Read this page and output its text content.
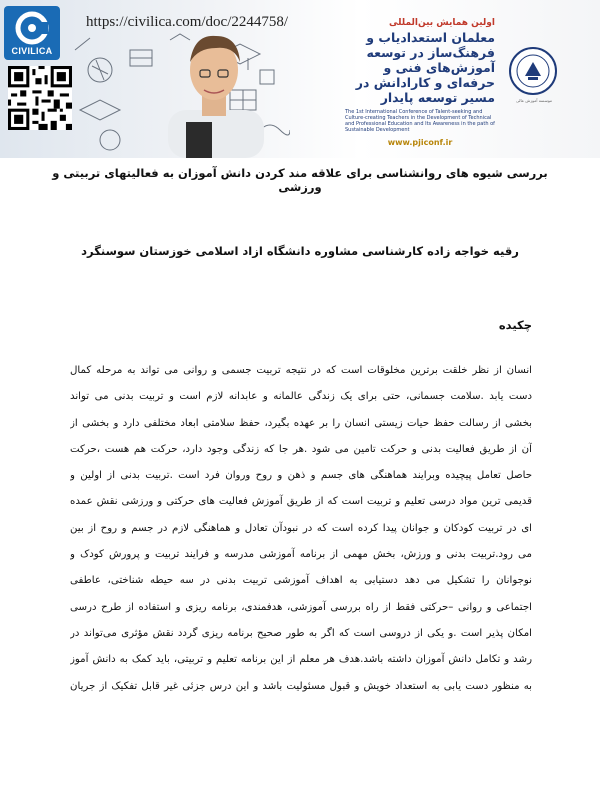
CIVILICA
https://civilica.com/doc/2244758/	اولین همایش بین‌المللی
معلمان استعداد‌یاب و فرهنگ‌ساز در توسعه آموزش‌های فنی و حرفه‌ای و کارادانش در مسیر توسعه پایدار
The 1st International Conference of Talent-seeking and Culture-creating Teachers in the Development of Technical and Professional Education and Its Awareness in the path of Sustainable Development
www.pjiconf.ir
موسسه آموزش عالی
بررسی شیوه های روانشناسی برای علاقه مند کردن دانش آموزان به فعالیتهای تربیتی و ورزشی
رقیه خواجه زاده کارشناسی مشاوره دانشگاه ازاد اسلامی خوزستان سوسنگرد
چکیده
انسان از نظر خلقت برترین مخلوقات است که در نتیجه تربیت جسمی و روانی می تواند به مرحله کمال
دست یابد .سلامت جسمانی، حتی برای یک زندگی عالمانه و عابدانه لازم است و تربیت بدنی می تواند
بخشی از رسالت حفظ حیات زیستی انسان را بر عهده بگیرد، حفظ سلامتی ابعاد مختلفی دارد و بخشی از
آن از طریق فعالیت بدنی و حرکت تامین می شود .هر جا که زندگی وجود دارد، حرکت هم هست ،حرکت
حاصل تعامل پیچیده وبرایند هماهنگی های جسم و ذهن و روح وروان فرد است .تربیت بدنی از اولین و
قدیمی ترین مواد درسی تعلیم و تربیت است که از طریق آموزش فعالیت های حرکتی و ورزشی نقش عمده
ای در تربیت کودکان و جوانان پیدا کرده است که در نبودآن تعادل و هماهنگی لازم در جسم و روح از بین
می رود.تربیت بدنی و ورزش، بخش مهمی از برنامه آموزشی مدرسه و فرایند تربیت و پرورش کودک و
نوجوانان را تشکیل می دهد دستیابی به اهداف آموزشی تربیت بدنی در سه حیطه شناختی، عاطفی
اجتماعی و روانی –حرکتی فقط از راه بررسی آموزشی، هدفمندی، برنامه ریزی و استفاده از طرح درسی
امکان پذیر است .و یکی از دروسی است که اگر به طور صحیح برنامه ریزی گردد نقش مؤثری می‌تواند در
رشد و تکامل دانش آموزان داشته باشد.هدف هر معلم از این برنامه تعلیم و تربیتی، باید کمک به دانش آموز
به منظور دست یابی به استعداد خویش و قبول مسئولیت باشد و این درس جزئی غیر قابل تفکیک از جریان
